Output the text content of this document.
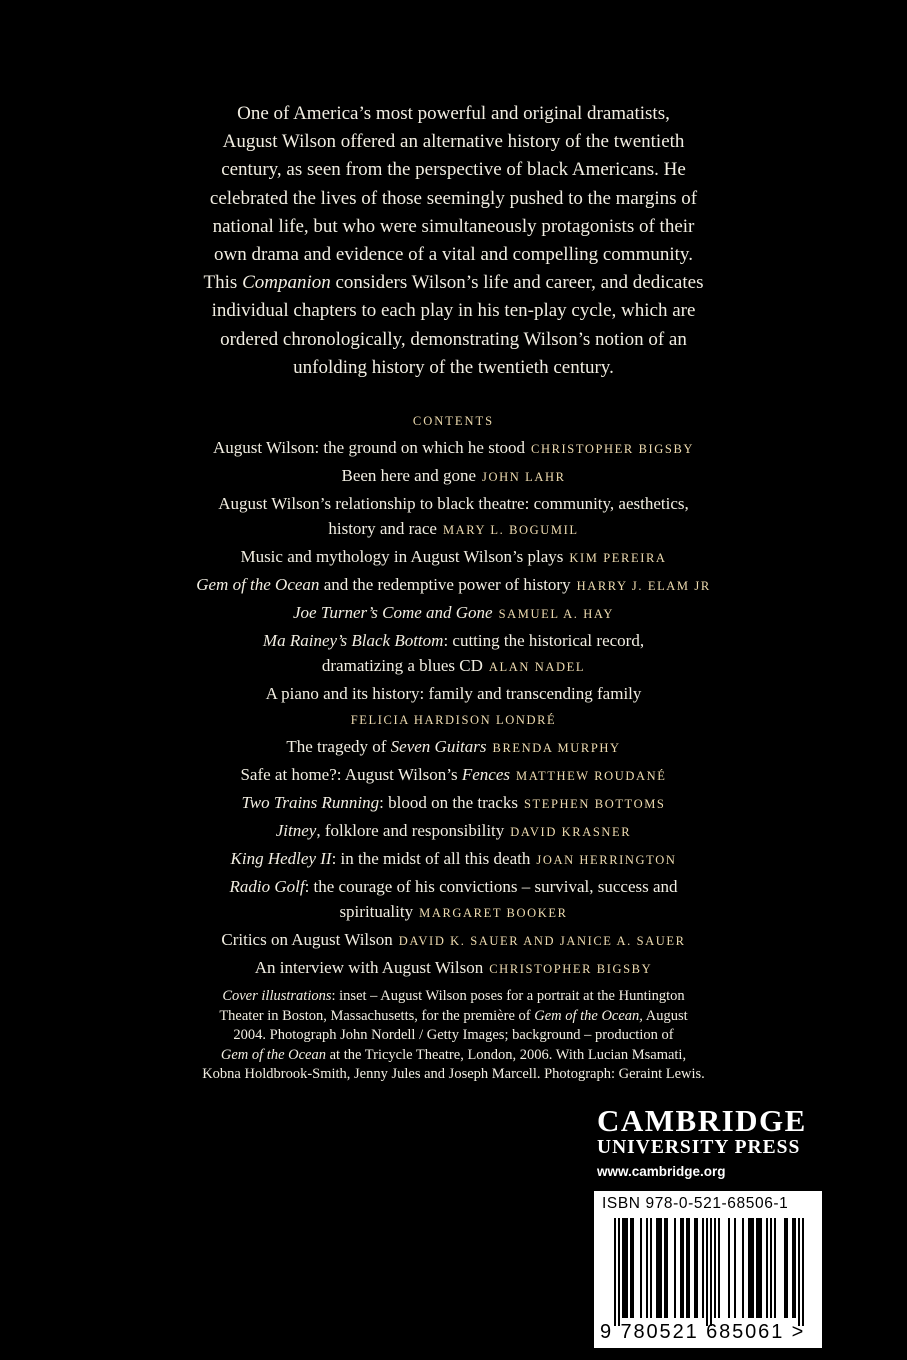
One of America’s most powerful and original dramatists,
August Wilson offered an alternative history of the twentieth
century, as seen from the perspective of black Americans. He
celebrated the lives of those seemingly pushed to the margins of
national life, but who were simultaneously protagonists of their
own drama and evidence of a vital and compelling community.
This Companion considers Wilson’s life and career, and dedicates
individual chapters to each play in his ten-play cycle, which are
ordered chronologically, demonstrating Wilson’s notion of an
unfolding history of the twentieth century.

CONTENTS
August Wilson: the ground on which he stood CHRISTOPHER BIGSBY
Been here and gone JOHN LAHR
August Wilson’s relationship to black theatre: community, aesthetics,
history and race MARY L. BOGUMIL
Music and mythology in August Wilson’s plays KIM PEREIRA
Gem of the Ocean and the redemptive power of history HARRY J. ELAM JR
Joe Turner’s Come and Gone SAMUEL A. HAY
Ma Rainey’s Black Bottom: cutting the historical record,
dramatizing a blues CD ALAN NADEL
A piano and its history: family and transcending family
FELICIA HARDISON LONDRÉ
The tragedy of Seven Guitars BRENDA MURPHY
Safe at home?: August Wilson’s Fences MATTHEW ROUDANÉ
Two Trains Running: blood on the tracks STEPHEN BOTTOMS
Jitney, folklore and responsibility DAVID KRASNER
King Hedley II: in the midst of all this death JOAN HERRINGTON
Radio Golf: the courage of his convictions – survival, success and
spirituality MARGARET BOOKER
Critics on August Wilson DAVID K. SAUER AND JANICE A. SAUER
An interview with August Wilson CHRISTOPHER BIGSBY

Cover illustrations: inset – August Wilson poses for a portrait at the Huntington
Theater in Boston, Massachusetts, for the première of Gem of the Ocean, August
2004. Photograph John Nordell / Getty Images; background – production of
Gem of the Ocean at the Tricycle Theatre, London, 2006. With Lucian Msamati,
Kobna Holdbrook-Smith, Jenny Jules and Joseph Marcell. Photograph: Geraint Lewis.

CAMBRIDGE
UNIVERSITY PRESS
www.cambridge.org
ISBN 978-0-521-68506-1
9 780521 685061 >
